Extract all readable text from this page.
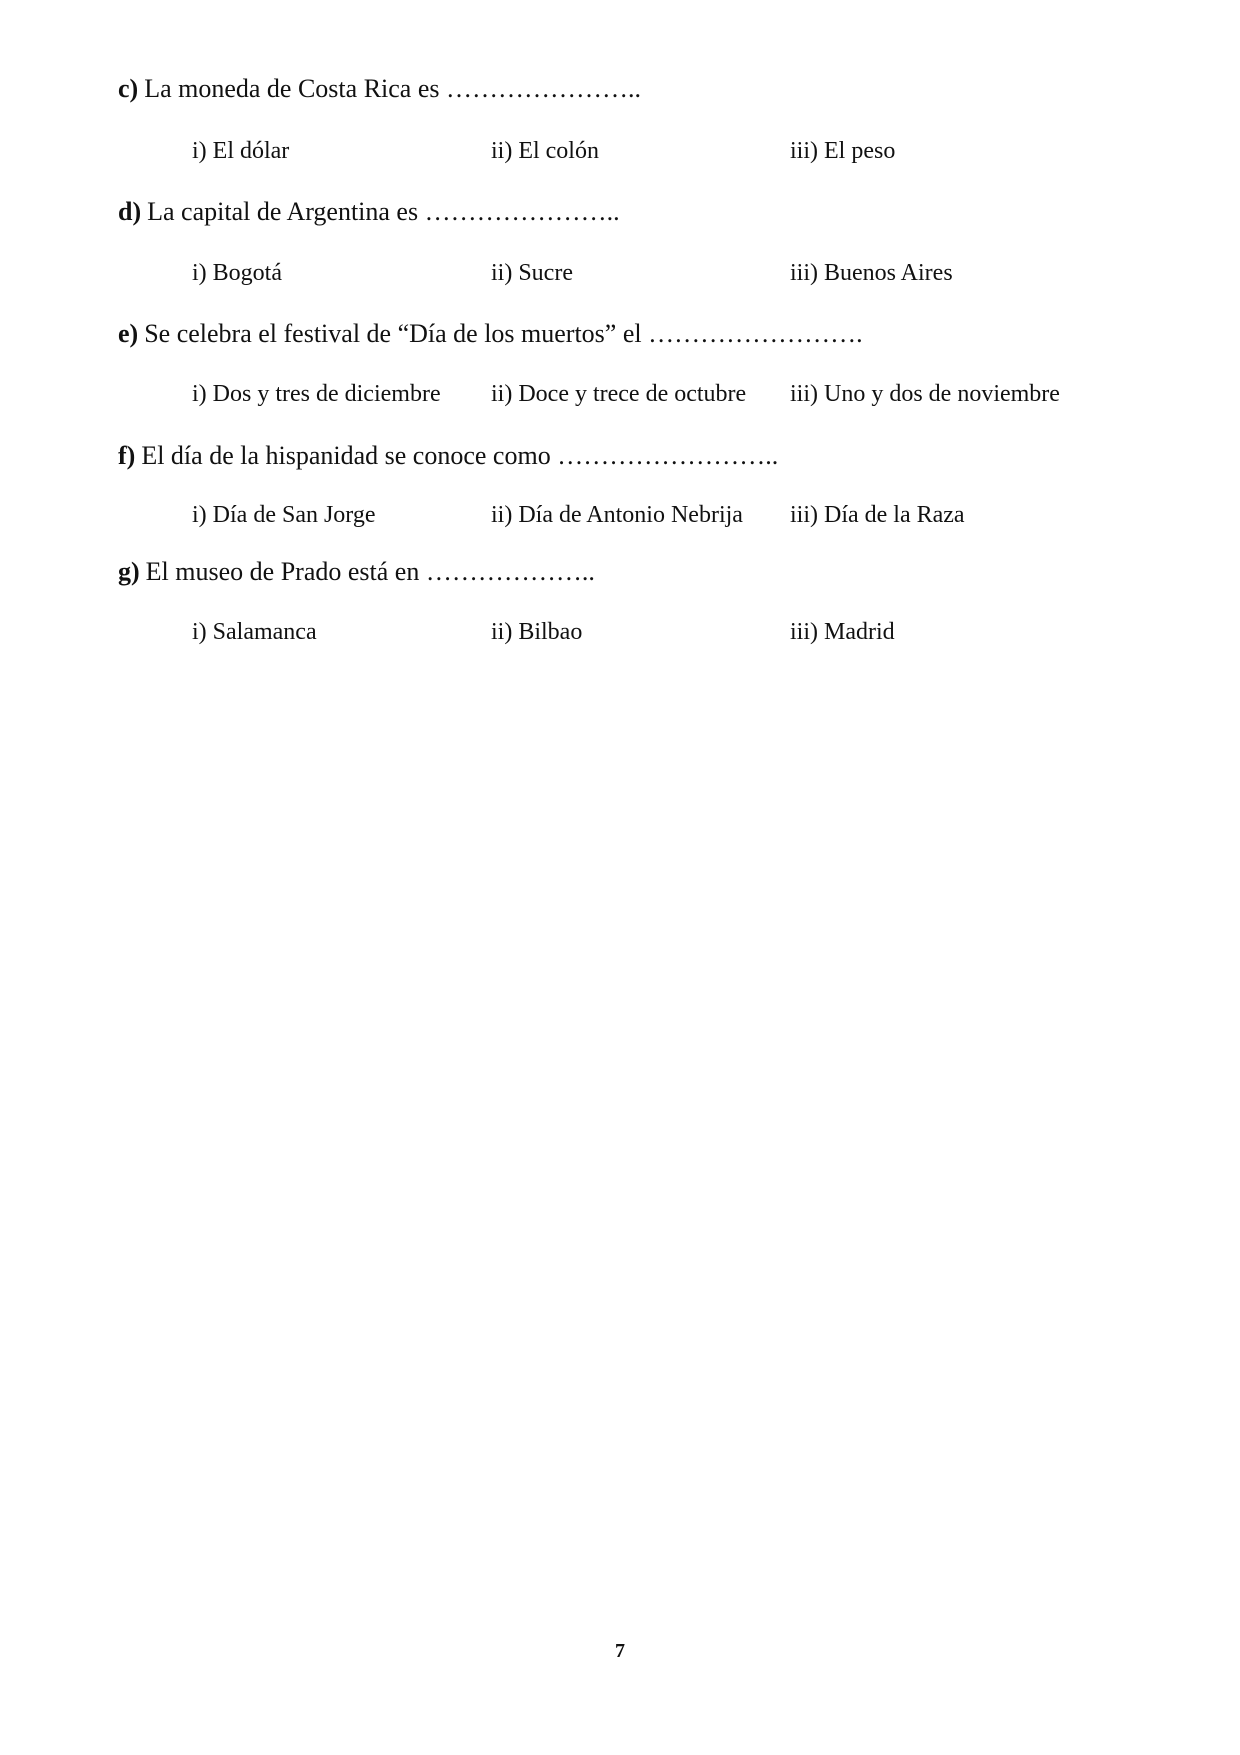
c) La moneda de Costa Rica es …………………..
i) El dólar	ii) El colón	iii) El peso
d) La capital de Argentina es …………………..
i) Bogotá	ii) Sucre	iii) Buenos Aires
e) Se celebra el festival de “Día de los muertos” el …………………….
i) Dos y tres de diciembre ii) Doce y trece de octubre iii) Uno y dos de noviembre
f) El día de la hispanidad se conoce como ……………………..
i) Día de San Jorge	ii) Día de Antonio Nebrija iii) Día de la Raza
g) El museo de Prado está en ………………..
i) Salamanca	ii) Bilbao	iii) Madrid
7
